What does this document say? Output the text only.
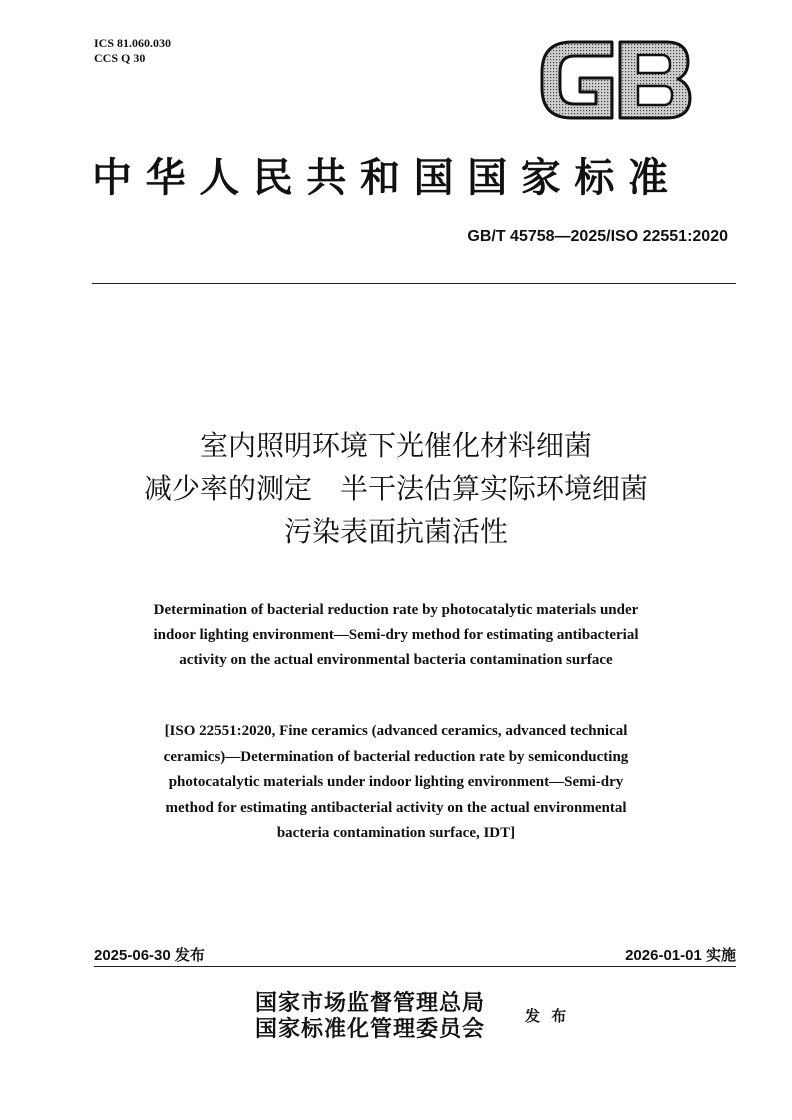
ICS 81.060.030
CCS Q 30
中华人民共和国国家标准
GB/T 45758—2025/ISO 22551:2020
室内照明环境下光催化材料细菌
减少率的测定　半干法估算实际环境细菌
污染表面抗菌活性
Determination of bacterial reduction rate by photocatalytic materials under
indoor lighting environment—Semi-dry method for estimating antibacterial
activity on the actual environmental bacteria contamination surface
[ISO 22551:2020, Fine ceramics (advanced ceramics, advanced technical
ceramics)—Determination of bacterial reduction rate by semiconducting
photocatalytic materials under indoor lighting environment—Semi-dry
method for estimating antibacterial activity on the actual environmental
bacteria contamination surface, IDT]
2025-06-30 发布	2026-01-01 实施
国家市场监督管理总局
国家标准化管理委员会	发 布
